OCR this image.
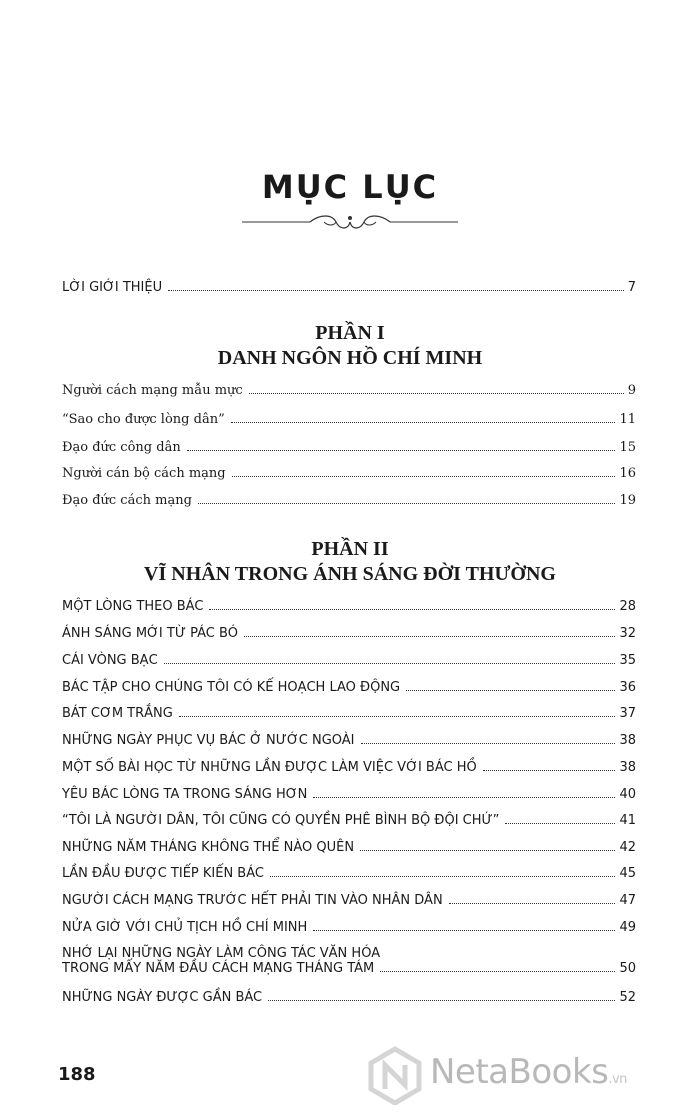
MỤC LỤC
LỜI GIỚI THIỆU	7
PHẦN I
DANH NGÔN HỒ CHÍ MINH
Người cách mạng mẫu mực	9
“Sao cho được lòng dân”	11
Đạo đức công dân	15
Người cán bộ cách mạng	16
Đạo đức cách mạng	19
PHẦN II
VĨ NHÂN TRONG ÁNH SÁNG ĐỜI THƯỜNG
MỘT LÒNG THEO BÁC	28
ÁNH SÁNG MỚI TỪ PÁC BÓ	32
CÁI VÒNG BẠC	35
BÁC TẬP CHO CHÚNG TÔI CÓ KẾ HOẠCH LAO ĐỘNG	36
BÁT CƠM TRẮNG	37
NHỮNG NGÀY PHỤC VỤ BÁC Ở NƯỚC NGOÀI	38
MỘT SỐ BÀI HỌC TỪ NHỮNG LẦN ĐƯỢC LÀM VIỆC VỚI BÁC HỒ	38
YÊU BÁC LÒNG TA TRONG SÁNG HƠN	40
“TÔI LÀ NGƯỜI DÂN, TÔI CŨNG CÓ QUYỀN PHÊ BÌNH BỘ ĐỘI CHỨ”	41
NHỮNG NĂM THÁNG KHÔNG THỂ NÀO QUÊN	42
LẦN ĐẦU ĐƯỢC TIẾP KIẾN BÁC	45
NGƯỜI CÁCH MẠNG TRƯỚC HẾT PHẢI TIN VÀO NHÂN DÂN	47
NỬA GIỜ VỚI CHỦ TỊCH HỒ CHÍ MINH	49
NHỚ LẠI NHỮNG NGÀY LÀM CÔNG TÁC VĂN HÓA
TRONG MẤY NĂM ĐẦU CÁCH MẠNG THÁNG TÁM	50
NHỮNG NGÀY ĐƯỢC GẦN BÁC	52
188	NetaBooks.vn
